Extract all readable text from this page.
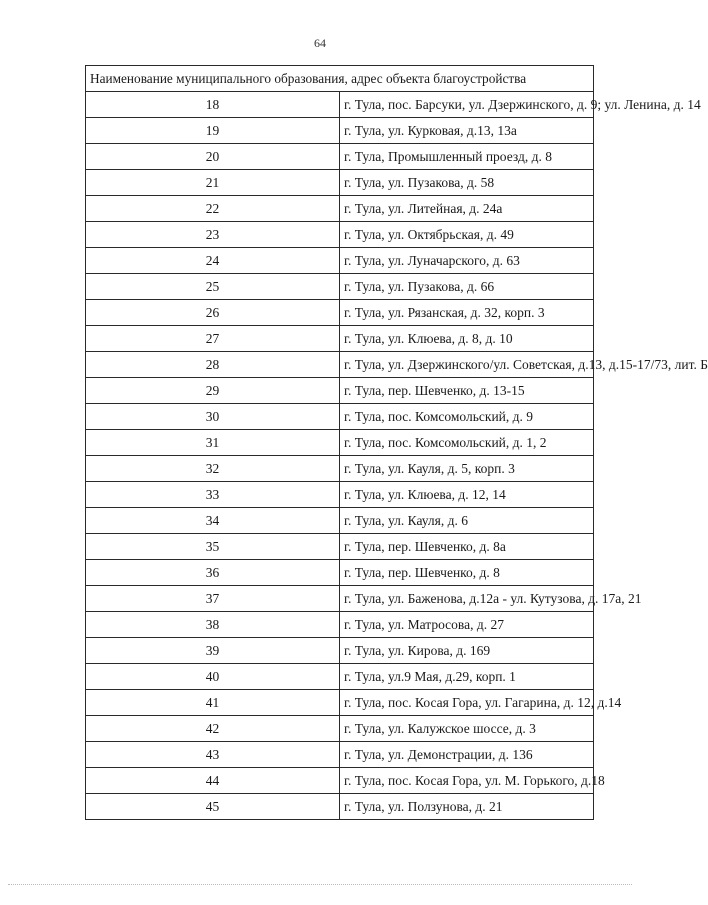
64
Наименование муниципального образования, адрес объекта благоустройства	
18	г. Тула, пос. Барсуки, ул. Дзержинского, д. 9; ул. Ленина, д. 14
19	г. Тула, ул. Курковая, д.13, 13а
20	г. Тула, Промышленный проезд, д. 8
21	г. Тула, ул. Пузакова, д. 58
22	г. Тула, ул. Литейная, д. 24а
23	г. Тула, ул. Октябрьская, д. 49
24	г. Тула, ул. Луначарского, д. 63
25	г. Тула, ул. Пузакова, д. 66
26	г. Тула, ул. Рязанская, д. 32, корп. 3
27	г. Тула, ул. Клюева, д. 8, д. 10
28	г. Тула, ул. Дзержинского/ул. Советская, д.13, д.15-17/73, лит. Б
29	г. Тула, пер. Шевченко, д. 13-15
30	г. Тула, пос. Комсомольский, д. 9
31	г. Тула, пос. Комсомольский, д. 1, 2
32	г. Тула, ул. Кауля, д. 5, корп. 3
33	г. Тула, ул. Клюева, д. 12, 14
34	г. Тула, ул. Кауля, д. 6
35	г. Тула, пер. Шевченко, д. 8а
36	г. Тула, пер. Шевченко, д. 8
37	г. Тула, ул. Баженова, д.12а - ул. Кутузова, д. 17а, 21
38	г. Тула, ул. Матросова, д. 27
39	г. Тула, ул. Кирова, д. 169
40	г. Тула, ул.9 Мая, д.29, корп. 1
41	г. Тула, пос. Косая Гора, ул. Гагарина, д. 12, д.14
42	г. Тула, ул. Калужское шоссе, д. 3
43	г. Тула, ул. Демонстрации, д. 136
44	г. Тула, пос. Косая Гора, ул. М. Горького, д.18
45	г. Тула, ул. Ползунова, д. 21
